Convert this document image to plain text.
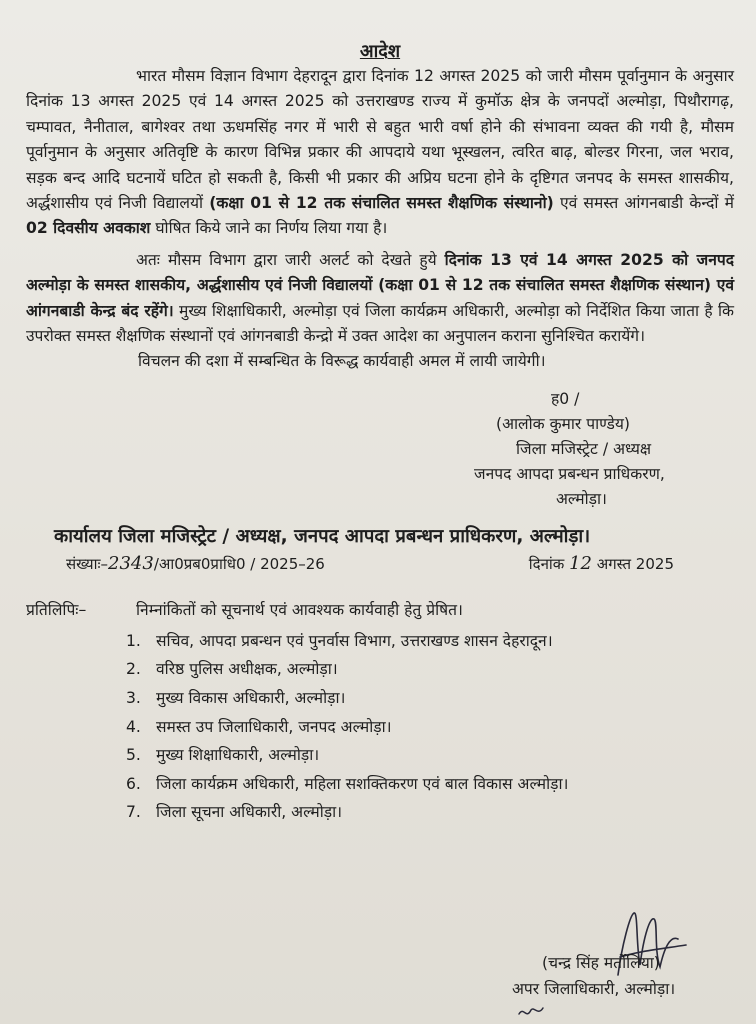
आदेश

भारत मौसम विज्ञान विभाग देहरादून द्वारा दिनांक 12 अगस्त 2025 को जारी मौसम पूर्वानुमान के अनुसार दिनांक 13 अगस्त 2025 एवं 14 अगस्त 2025 को उत्तराखण्ड राज्य में कुमॉऊ क्षेत्र के जनपदों अल्मोड़ा, पिथौरागढ़, चम्पावत, नैनीताल, बागेश्वर तथा ऊधमसिंह नगर में भारी से बहुत भारी वर्षा होने की संभावना व्यक्त की गयी है, मौसम पूर्वानुमान के अनुसार अतिवृष्टि के कारण विभिन्न प्रकार की आपदाये यथा भूस्खलन, त्वरित बाढ़, बोल्डर गिरना, जल भराव, सड़क बन्द आदि घटनायें घटित हो सकती है, किसी भी प्रकार की अप्रिय घटना होने के दृष्टिगत जनपद के समस्त शासकीय, अर्द्धशासीय एवं निजी विद्यालयों (कक्षा 01 से 12 तक संचालित समस्त शैक्षणिक संस्थानो) एवं समस्त आंगनबाडी केन्दों में 02 दिवसीय अवकाश घोषित किये जाने का निर्णय लिया गया है।

अतः मौसम विभाग द्वारा जारी अलर्ट को देखते हुये दिनांक 13 एवं 14 अगस्त 2025 को जनपद अल्मोड़ा के समस्त शासकीय, अर्द्धशासीय एवं निजी विद्यालयों (कक्षा 01 से 12 तक संचालित समस्त शैक्षणिक संस्थान) एवं आंगनबाडी केन्द्र बंद रहेंगे। मुख्य शिक्षाधिकारी, अल्मोड़ा एवं जिला कार्यक्रम अधिकारी, अल्मोड़ा को निर्देशित किया जाता है कि उपरोक्त समस्त शैक्षणिक संस्थानों एवं आंगनबाडी केन्द्रो में उक्त आदेश का अनुपालन कराना सुनिश्चित करायेंगे।

विचलन की दशा में सम्बन्धित के विरूद्ध कार्यवाही अमल में लायी जायेगी।

ह0 /
(आलोक कुमार पाण्डेय)
जिला मजिस्ट्रेट / अध्यक्ष
जनपद आपदा प्रबन्धन प्राधिकरण,
अल्मोड़ा।
कार्यालय जिला मजिस्ट्रेट / अध्यक्ष, जनपद आपदा प्रबन्धन प्राधिकरण, अल्मोड़ा।
संख्याः–2343/आ0प्रब0प्राधि0 / 2025–26	दिनांक 12 अगस्त 2025
प्रतिलिपिः–	निम्नांकितों को सूचनार्थ एवं आवश्यक कार्यवाही हेतु प्रेषित।
1. सचिव, आपदा प्रबन्धन एवं पुनर्वास विभाग, उत्तराखण्ड शासन देहरादून।
2. वरिष्ठ पुलिस अधीक्षक, अल्मोड़ा।
3. मुख्य विकास अधिकारी, अल्मोड़ा।
4. समस्त उप जिलाधिकारी, जनपद अल्मोड़ा।
5. मुख्य शिक्षाधिकारी, अल्मोड़ा।
6. जिला कार्यक्रम अधिकारी, महिला सशक्तिकरण एवं बाल विकास अल्मोड़ा।
7. जिला सूचना अधिकारी, अल्मोड़ा।
(चन्द्र सिंह मर्तोलिया)
अपर जिलाधिकारी, अल्मोड़ा।
